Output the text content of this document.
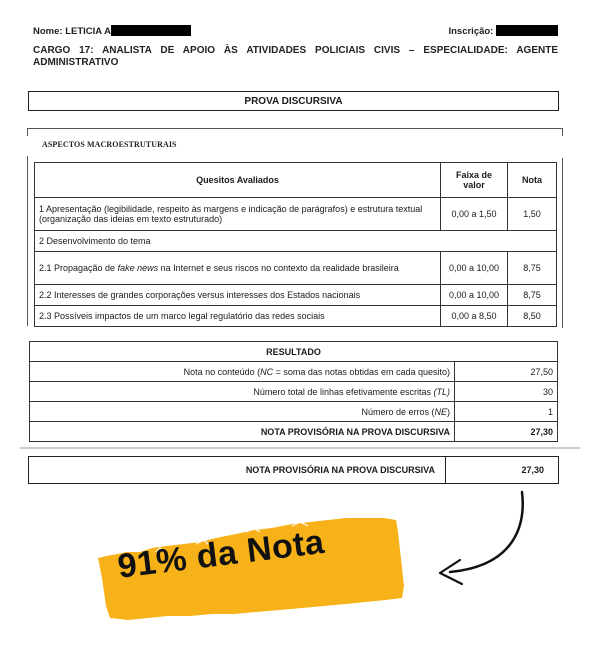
Nome: LETICIA A	Inscrição:
CARGO 17: ANALISTA DE APOIO ÀS ATIVIDADES POLICIAIS CIVIS – ESPECIALIDADE: AGENTE
ADMINISTRATIVO
PROVA DISCURSIVA
ASPECTOS MACROESTRUTURAIS
Quesitos Avaliados	Faixa de valor	Nota
1 Apresentação (legibilidade, respeito às margens e indicação de parágrafos) e estrutura textual (organização das ideias em texto estruturado)	0,00 a 1,50	1,50
2 Desenvolvimento do tema		
2.1 Propagação de fake news na Internet e seus riscos no contexto da realidade brasileira	0,00 a 10,00	8,75
2.2 Interesses de grandes corporações versus interesses dos Estados nacionais	0,00 a 10,00	8,75
2.3 Possíveis impactos de um marco legal regulatório das redes sociais	0,00 a 8,50	8,50
RESULTADO	
Nota no conteúdo (NC = soma das notas obtidas em cada quesito)	27,50
Número total de linhas efetivamente escritas (TL)	30
Número de erros (NE)	1
NOTA PROVISÓRIA NA PROVA DISCURSIVA	27,30
NOTA PROVISÓRIA NA PROVA DISCURSIVA	27,30
91% da Nota
